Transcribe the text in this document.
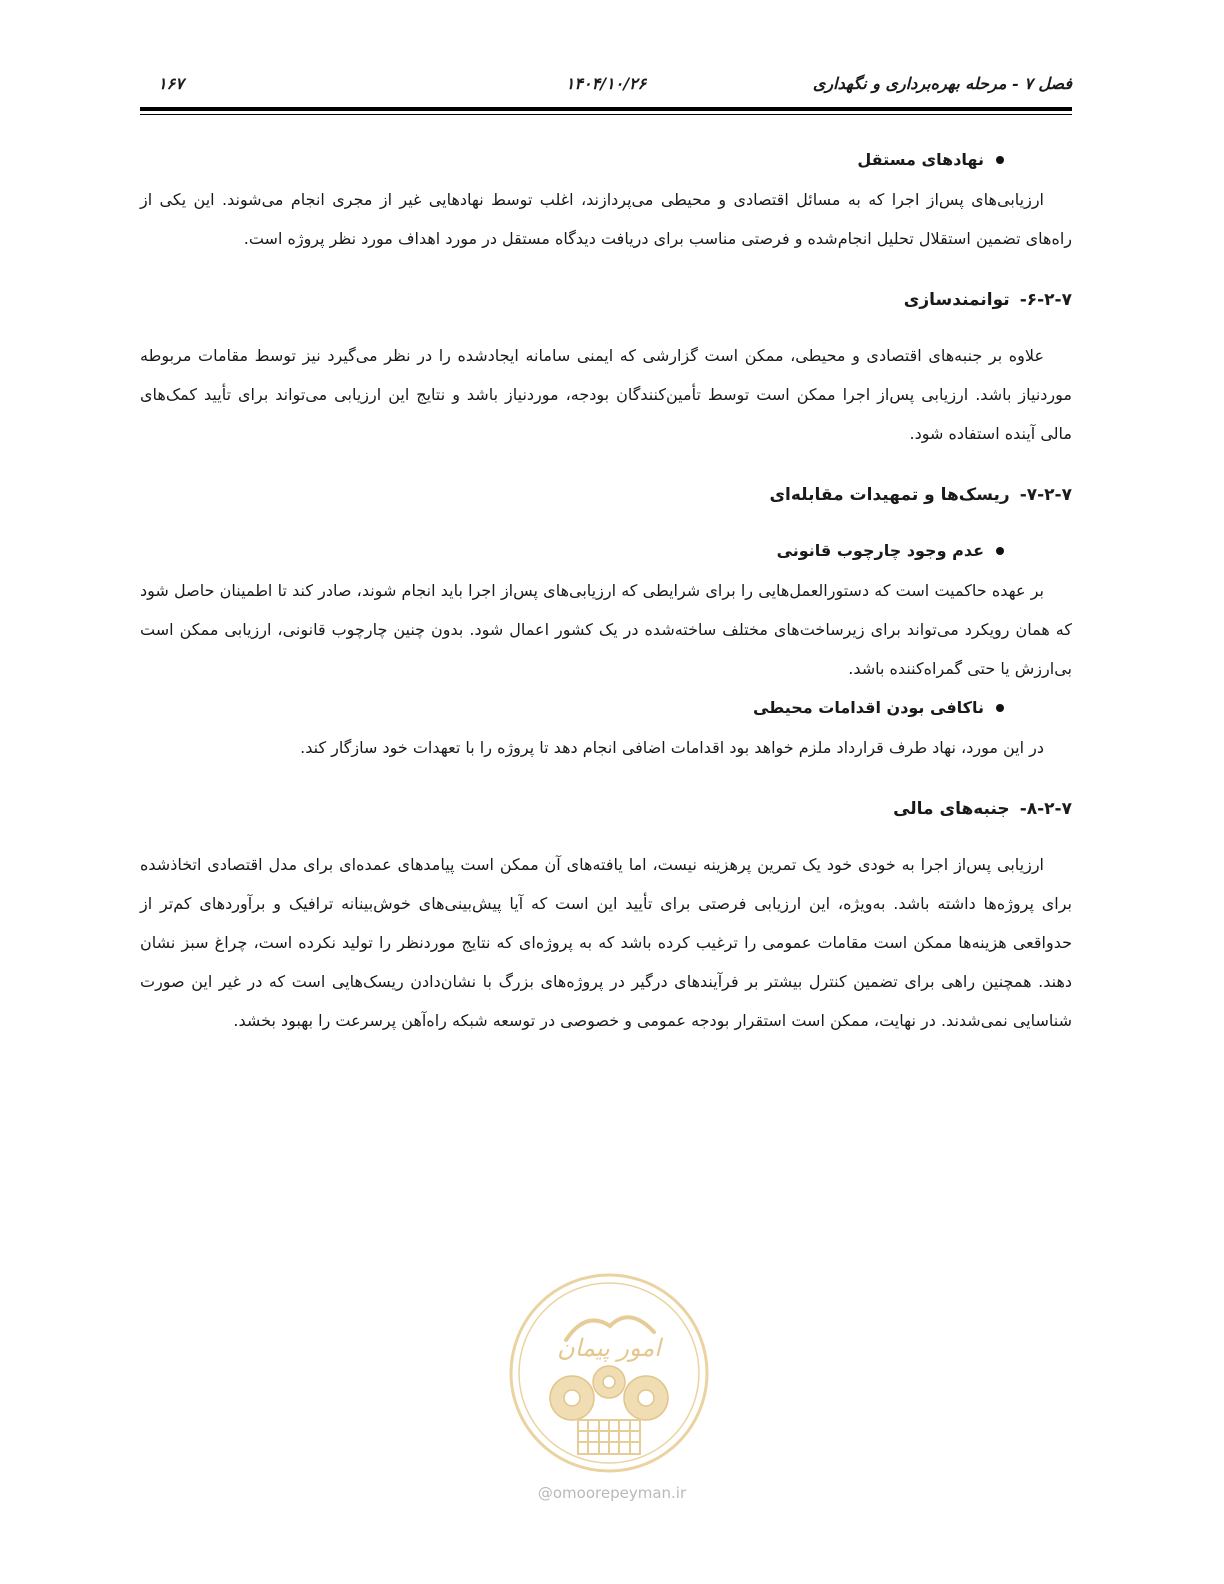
فصل ۷ - مرحله بهره‌برداری و نگهداری
۱۴۰۴/۱۰/۲۶
۱۶۷
نهادهای مستقل

ارزیابی‌های پس‌از اجرا که به مسائل اقتصادی و محیطی می‌پردازند، اغلب توسط نهادهایی غیر از مجری انجام می‌شوند. این یکی از راه‌های تضمین استقلال تحلیل انجام‌شده و فرصتی مناسب برای دریافت دیدگاه مستقل در مورد اهداف مورد نظر پروژه است.

۶-۲-۷-توانمندسازی

علاوه بر جنبه‌های اقتصادی و محیطی، ممکن است گزارشی که ایمنی سامانه ایجادشده را در نظر می‌گیرد نیز توسط مقامات مربوطه موردنیاز باشد. ارزیابی پس‌از اجرا ممکن است توسط تأمین‌کنندگان بودجه، موردنیاز باشد و نتایج این ارزیابی می‌تواند برای تأیید کمک‌های مالی آینده استفاده شود.

۷-۲-۷-ریسک‌ها و تمهیدات مقابله‌ای
عدم وجود چارچوب قانونی

بر عهده حاکمیت است که دستورالعمل‌هایی را برای شرایطی که ارزیابی‌های پس‌از اجرا باید انجام شوند، صادر کند تا اطمینان حاصل شود که همان رویکرد می‌تواند برای زیرساخت‌های مختلف ساخته‌شده در یک کشور اعمال شود. بدون چنین چارچوب قانونی، ارزیابی ممکن است بی‌ارزش یا حتی گمراه‌کننده باشد.

ناکافی بودن اقدامات محیطی

در این مورد، نهاد طرف قرارداد ملزم خواهد بود اقدامات اضافی انجام دهد تا پروژه را با تعهدات خود سازگار کند.

۸-۲-۷-جنبه‌های مالی

ارزیابی پس‌از اجرا به خودی خود یک تمرین پرهزینه نیست، اما یافته‌های آن ممکن است پیامدهای عمده‌ای برای مدل اقتصادی اتخاذشده برای پروژه‌ها داشته باشد. به‌ویژه، این ارزیابی فرصتی برای تأیید این است که آیا پیش‌بینی‌های خوش‌بینانه ترافیک و برآوردهای کم‌تر از حدواقعی هزینه‌ها ممکن است مقامات عمومی را ترغیب کرده باشد که به پروژه‌ای که نتایج موردنظر را تولید نکرده است، چراغ سبز نشان دهند. همچنین راهی برای تضمین کنترل بیشتر بر فرآیندهای درگیر در پروژه‌های بزرگ با نشان‌دادن ریسک‌هایی است که در غیر این صورت شناسایی نمی‌شدند. در نهایت، ممکن است استقرار بودجه عمومی و خصوصی در توسعه شبکه راه‌آهن پرسرعت را بهبود بخشد.

امور پیمان
@omoorepeyman.ir
